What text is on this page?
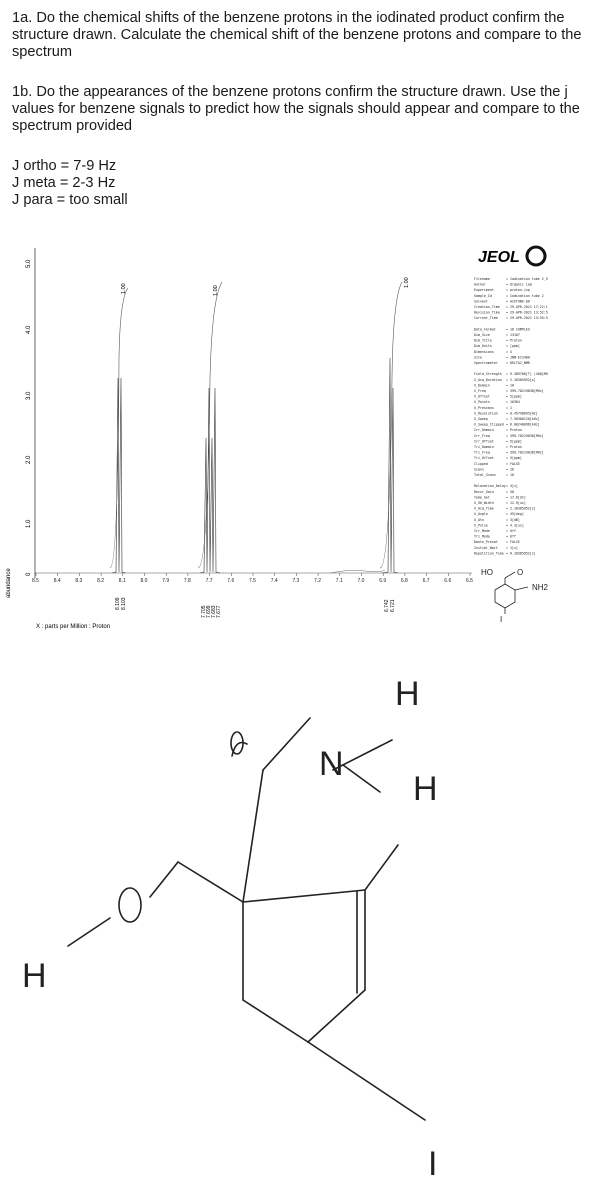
1a. Do the chemical shifts of the benzene protons in the iodinated product confirm the structure drawn. Calculate the chemical shift of the benzene protons and compare to the spectrum

1b. Do the appearances of the benzene protons confirm the structure drawn. Use the j values for benzene signals to predict how the signals should appear and compare to the spectrum provided

J ortho = 7-9 Hz

J meta = 2-3 Hz

J para = too small

abundance 0
1.0
2.0
3.0
4.0
5.0
8.5	8.4	8.3	8.2	8.1	8.0	7.9	7.8	7.7	7.6	7.5	7.4	7.3	7.2	7.1	7.0	6.9	6.8	6.7	6.6	6.5
X : parts per Million : Proton
1.00	1.00
1.00
8.109 8.103
7.705 7.699 7.683 7.677	6.742 6.721
JEOL
Filename	= Iodination tube 2_9
Author	= Organic Lab
Experiment	= proton.jxp
Sample_Id	= Iodination tube 2
Solvent	= ACETONE-D6
Creation_Time = 29-APR-2021 17:22:1
Revision_Time = 29-APR-2021 13:52:5
Current_Time = 29-APR-2021 13:55:5
Data_Format	= 1D COMPLEX
Dim_Size	= 13107
Dim_Title	= Proton
Dim_Units	= [ppm]
Dimensions	= X
Site	= JNM-ECS400
Spectrometer = DELTA2_NMR
Field_Strength = 9.389766[T] (400[MH
X_Acq_Duration = 2.18365952[s]
X_Domain	= 1H
X_Freq	= 399.78219838[MHz]
X_Offset	= 5[ppm]
X_Points	= 16384
X_Prescans	= 1
X_Resolution = 0.45798695[Hz]
X_Sweep	= 7.50300120[kHz]
X_Sweep_Clipped = 6.00240096[kHz]
Irr_Domain	= Proton
Irr_Freq	= 399.78219838[MHz]
Irr_Offset	= 5[ppm]
Tri_Domain	= Proton
Tri_Freq	= 399.78219838[MHz]
Tri_Offset	= 5[ppm]
Clipped	= FALSE
Scans	= 16
Total_Scans	= 16
Relaxation_Delay = 4[s]
Recvr_Gain	= 50
Temp_Get	= 17.6[dC]
X_90_Width	= 12.9[us]
X_Acq_Time	= 2.18365952[s]
X_Angle	= 45[deg]
X_Atn	= 3[dB]
X_Pulse	= 4.3[us]
Irr_Mode	= Off
Tri_Mode	= Off
Dante_Presat = FALSE
Initial_Wait = 1[s]
Repetition_Time = 6.18365952[s]
HO	O
NH2
I
H
N
H
H
I
